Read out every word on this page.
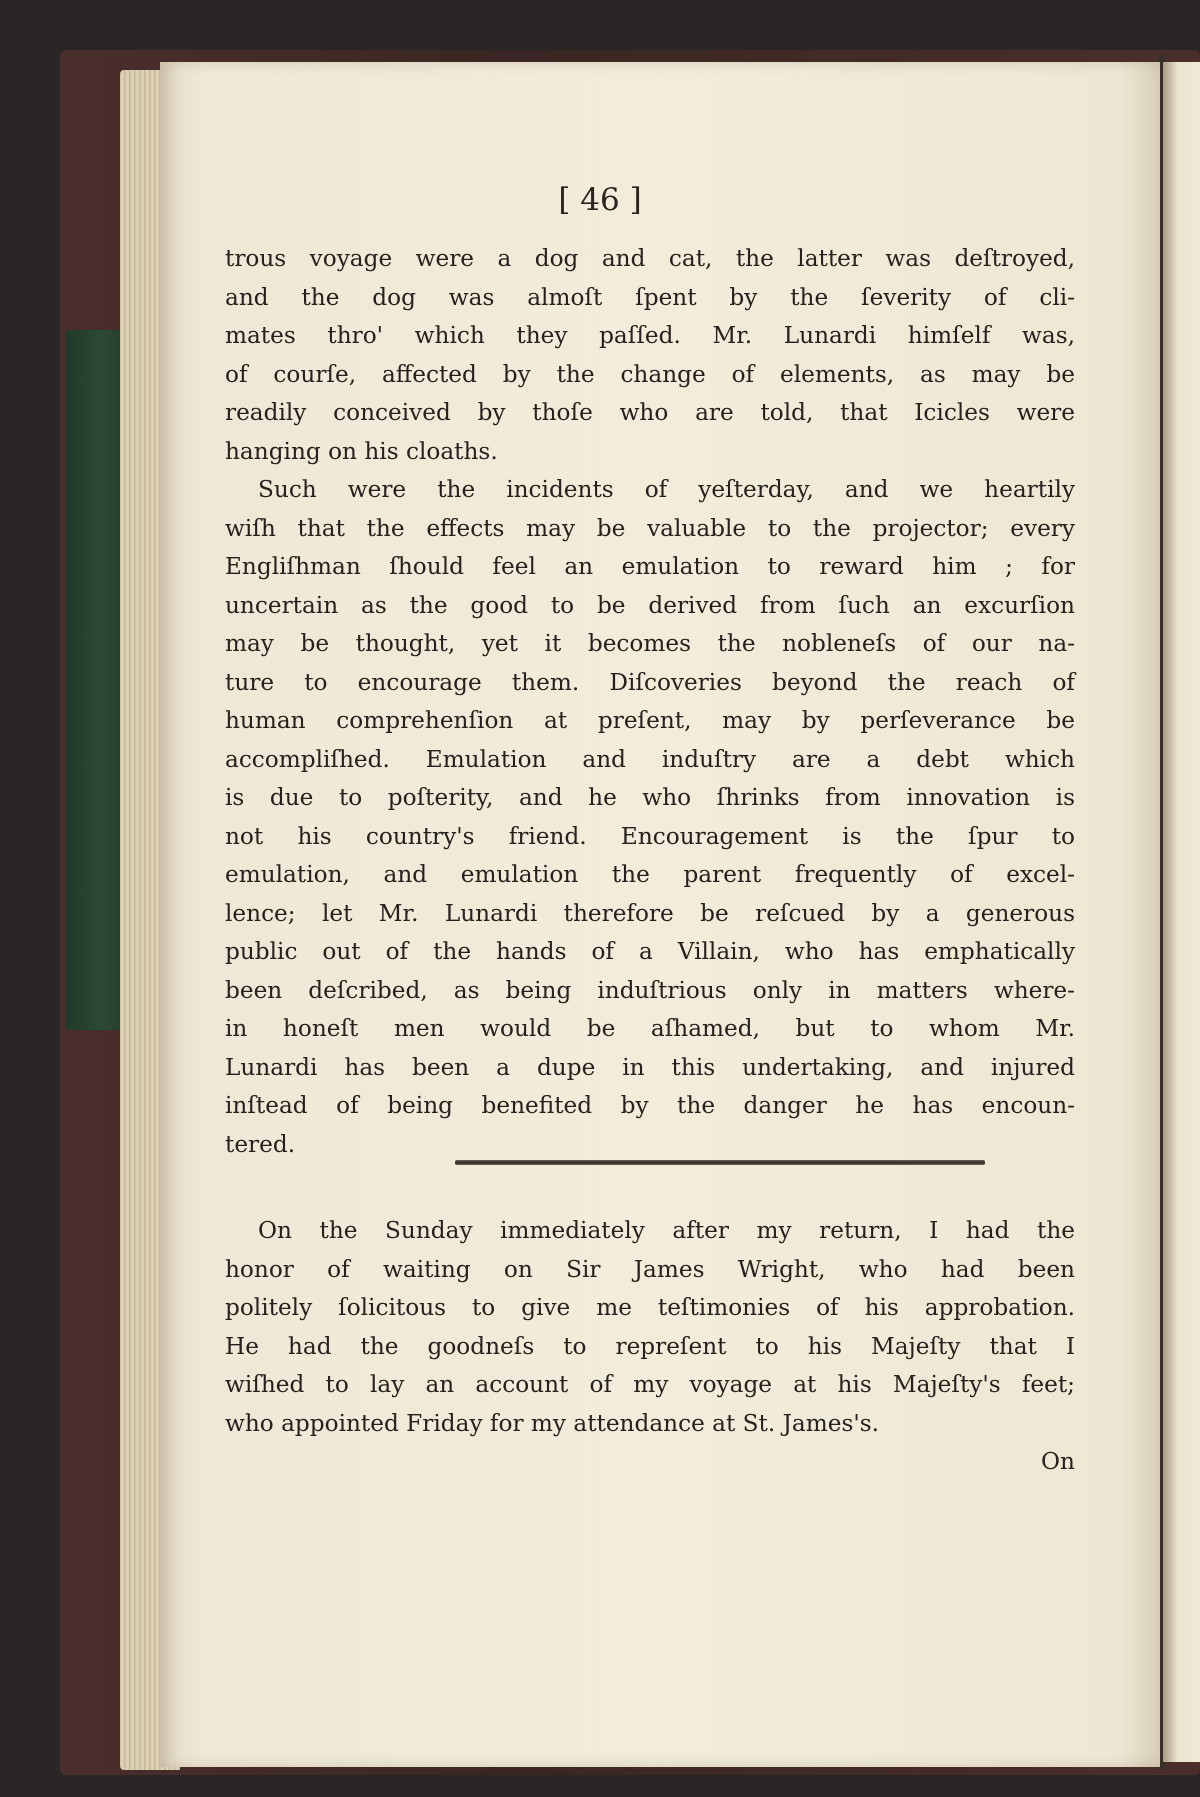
[ 46 ]
trous voyage were a dog and cat, the latter was deſtroyed,
and the dog was almoſt ſpent by the ſeverity of cli-
mates thro' which they paſſed. Mr. Lunardi himſelf was,
of courſe, affected by the change of elements, as may be
readily conceived by thoſe who are told, that Icicles were
hanging on his cloaths.
Such were the incidents of yeſterday, and we heartily
wiſh that the effects may be valuable to the projector; every
Engliſhman ſhould feel an emulation to reward him ; for
uncertain as the good to be derived from ſuch an excurſion
may be thought, yet it becomes the nobleneſs of our na-
ture to encourage them. Diſcoveries beyond the reach of
human comprehenſion at preſent, may by perſeverance be
accompliſhed. Emulation and induſtry are a debt which
is due to poſterity, and he who ſhrinks from innovation is
not his country's friend. Encouragement is the ſpur to
emulation, and emulation the parent frequently of excel-
lence; let Mr. Lunardi therefore be reſcued by a generous
public out of the hands of a Villain, who has emphatically
been deſcribed, as being induſtrious only in matters where-
in honeſt men would be aſhamed, but to whom Mr.
Lunardi has been a dupe in this undertaking, and injured
inſtead of being benefited by the danger he has encoun-
tered.
On the Sunday immediately after my return, I had the
honor of waiting on Sir James Wright, who had been
politely ſolicitous to give me teſtimonies of his approbation.
He had the goodneſs to repreſent to his Majeſty that I
wiſhed to lay an account of my voyage at his Majeſty's feet;
who appointed Friday for my attendance at St. James's.
On
